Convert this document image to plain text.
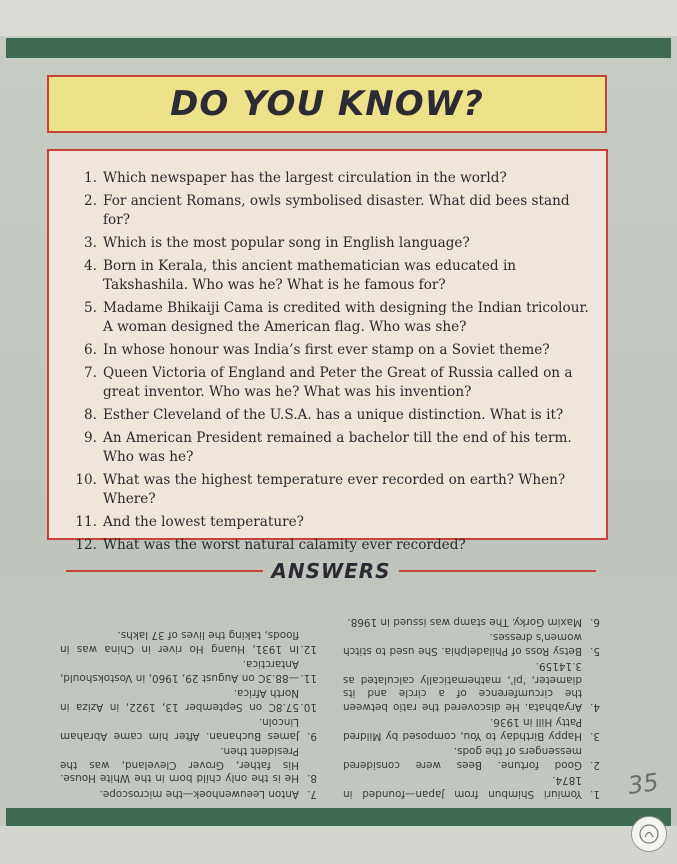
DO YOU KNOW?
1. Which newspaper has the largest circulation in the world?
2. For ancient Romans, owls symbolised disaster. What did bees stand for?
3. Which is the most popular song in English language?
4. Born in Kerala, this ancient mathematician was educated in Takshashila. Who was he? What is he famous for?
5. Madame Bhikaiji Cama is credited with designing the Indian tricolour. A woman designed the American flag. Who was she?
6. In whose honour was India’s first ever stamp on a Soviet theme?
7. Queen Victoria of England and Peter the Great of Russia called on a great inventor. Who was he? What was his invention?
8. Esther Cleveland of the U.S.A. has a unique distinction. What is it?
9. An American President remained a bachelor till the end of his term. Who was he?
10. What was the highest temperature ever recorded on earth? When? Where?
11. And the lowest temperature?
12. What was the worst natural calamity ever recorded?
ANSWERS
1.
Yomiuri Shimbun from Japan—founded in 1874.
2.
Good fortune. Bees were considered messengers of the gods.
3.
Happy Birthday to You, composed by Mildred Patty Hill in 1936.
4.
Aryabhata. He discovered the ratio between the circumference of a circle and its diameter, 'pi', mathematically calculated as 3.14159.
5.
Betsy Ross of Philadelphia. She used to stitch women's dresses.
6.
Maxim Gorky. The stamp was issued in 1968.
7.
Anton Leeuwenhoek—the microscope.
8.
He is the only child born in the White House. His father, Grover Cleveland, was the President then.
9.
James Buchanan. After him came Abraham Lincoln.
10.
57.8C on September 13, 1922, in Aziza in North Africa.
11.
—88.3C on August 29, 1960, in Vostokshould, Antarctica.
12.
In 1931, Huang Ho river in China was in floods, taking the lives of 37 lakhs.
35
